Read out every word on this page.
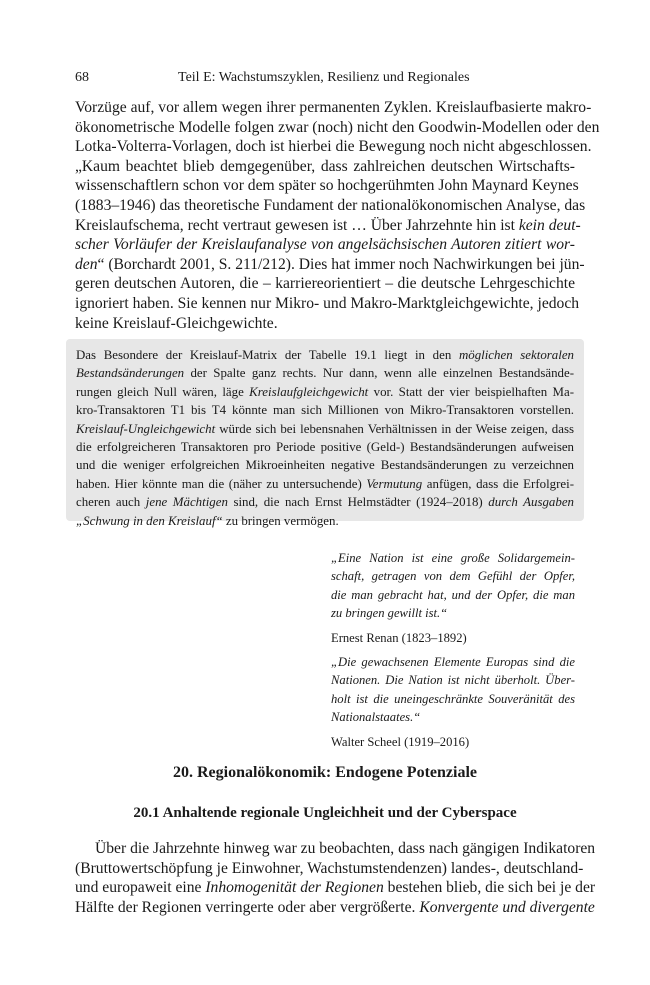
68	Teil E: Wachstumszyklen, Resilienz und Regionales

Vorzüge auf, vor allem wegen ihrer permanenten Zyklen. Kreislaufbasierte makro-
ökonometrische Modelle folgen zwar (noch) nicht den Goodwin-Modellen oder den
Lotka-Volterra-Vorlagen, doch ist hierbei die Bewegung noch nicht abgeschlossen.
„Kaum beachtet blieb demgegenüber, dass zahlreichen deutschen Wirtschafts-
wissenschaftlern schon vor dem später so hochgerühmten John Maynard Keynes
(1883–1946) das theoretische Fundament der nationalökonomischen Analyse, das
Kreislaufschema, recht vertraut gewesen ist … Über Jahrzehnte hin ist kein deut-
scher Vorläufer der Kreislaufanalyse von angelsächsischen Autoren zitiert wor-
den“ (Borchardt 2001, S. 211/212). Dies hat immer noch Nachwirkungen bei jün-
geren deutschen Autoren, die – karriereorientiert – die deutsche Lehrgeschichte
ignoriert haben. Sie kennen nur Mikro- und Makro-Marktgleichgewichte, jedoch
keine Kreislauf-Gleichgewichte.

Das Besondere der Kreislauf-Matrix der Tabelle 19.1 liegt in den möglichen sektoralen
Bestandsänderungen der Spalte ganz rechts. Nur dann, wenn alle einzelnen Bestandsände-
rungen gleich Null wären, läge Kreislaufgleichgewicht vor. Statt der vier beispielhaften Ma-
kro-Transaktoren T1 bis T4 könnte man sich Millionen von Mikro-Transaktoren vorstellen.
Kreislauf-Ungleichgewicht würde sich bei lebensnahen Verhältnissen in der Weise zeigen, dass
die erfolgreicheren Transaktoren pro Periode positive (Geld-) Bestandsänderungen aufweisen
und die weniger erfolgreichen Mikroeinheiten negative Bestandsänderungen zu verzeichnen
haben. Hier könnte man die (näher zu untersuchende) Vermutung anfügen, dass die Erfolgrei-
cheren auch jene Mächtigen sind, die nach Ernst Helmstädter (1924–2018) durch Ausgaben
„Schwung in den Kreislauf“ zu bringen vermögen.
„Eine Nation ist eine große Solidargemein-
schaft, getragen von dem Gefühl der Opfer,
die man gebracht hat, und der Opfer, die man
zu bringen gewillt ist.“
Ernest Renan (1823–1892)
„Die gewachsenen Elemente Europas sind die
Nationen. Die Nation ist nicht überholt. Über-
holt ist die uneingeschränkte Souveränität des
Nationalstaates.“
Walter Scheel (1919–2016)
20. Regionalökonomik: Endogene Potenziale
20.1 Anhaltende regionale Ungleichheit und der Cyberspace

Über die Jahrzehnte hinweg war zu beobachten, dass nach gängigen Indikatoren
(Bruttowertschöpfung je Einwohner, Wachstumstendenzen) landes-, deutschland-
und europaweit eine Inhomogenität der Regionen bestehen blieb, die sich bei je der
Hälfte der Regionen verringerte oder aber vergrößerte. Konvergente und divergente
